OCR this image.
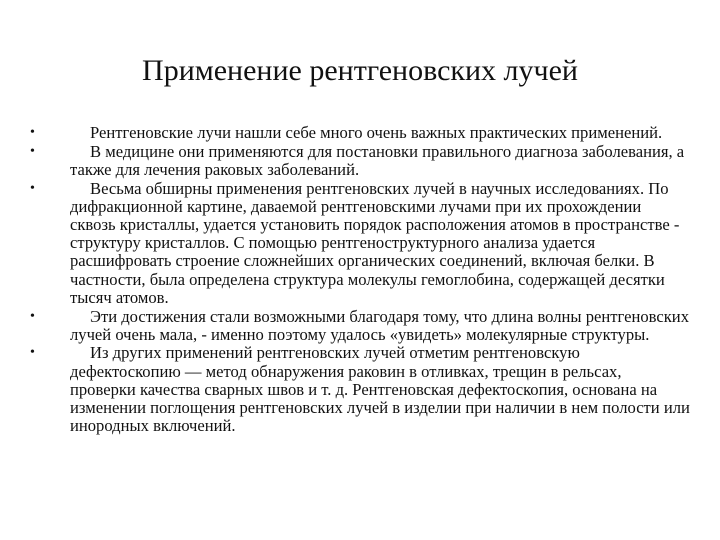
Применение рентгеновских лучей
•	Рентгеновские лучи нашли себе много очень важных практических применений.
•	В медицине они применяются для постановки правильного диагноза заболевания, а также для лечения раковых заболеваний.
•	Весьма обширны применения рентгеновских лучей в научных исследованиях. По дифракционной картине, даваемой рентгеновскими лучами при их прохождении сквозь кристаллы, удается установить порядок расположения атомов в пространстве - структуру кристаллов. С помощью рентгеноструктурного анализа удается расшифровать строение сложнейших органических соединений, включая белки. В частности, была определена структура молекулы гемоглобина, содержащей десятки тысяч атомов.
•	Эти достижения стали возможными благодаря тому, что длина волны рентгеновских лучей очень мала, - именно поэтому удалось «увидеть» молекулярные структуры.
•	Из других применений рентгеновских лучей отметим рентгеновскую дефектоскопию — метод обнаружения раковин в отливках, трещин в рельсах, проверки качества сварных швов и т. д. Рентгеновская дефектоскопия, основана на изменении поглощения рентгеновских лучей в изделии при наличии в нем полости или инородных включений.
